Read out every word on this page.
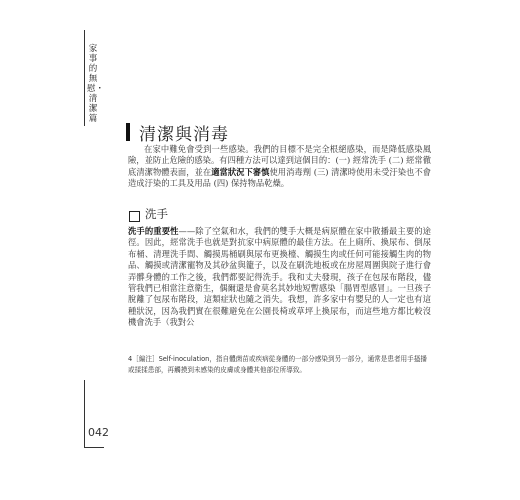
家事的無慰・清潔篇
清潔與消毒
在家中難免會受到一些感染。我們的目標不是完全根絕感染，而是降低感染風險，並防止危險的感染。有四種方法可以達到這個目的：(一) 經常洗手 (二) 經常徹底清潔物體表面，並在適當狀況下審慎使用消毒劑 (三) 清潔時使用未受汙染也不會造成汙染的工具及用品 (四) 保持物品乾燥。
洗手
洗手的重要性——除了空氣和水，我們的雙手大概是病原體在家中散播最主要的途徑。因此，經常洗手也就是對抗家中病原體的最佳方法。在上廁所、換尿布、倒尿布桶、清理洗手間、觸摸馬桶刷與尿布更換檯、觸摸生肉或任何可能接觸生肉的物品、觸摸或清潔寵物及其砂盆與籠子，以及在刷洗地板或在房屋周圍與院子進行會弄髒身體的工作之後，我們都要記得洗手。我和丈夫發現，孩子在包尿布階段，儘管我們已相當注意衛生，偶爾還是會莫名其妙地短暫感染「腸胃型感冒」。一旦孩子脫離了包尿布階段，這類症狀也隨之消失。我想，許多家中有嬰兒的人一定也有這種狀況，因為我們實在很難避免在公園長椅或草坪上換尿布，而這些地方都比較沒機會洗手（我對公
4［編注］Self-inoculation，指自體菌苗或疾病從身體的一部分感染到另一部分，通常是患者用手搔播或揉揉患部，再觸摸到未感染的皮膚或身體其他部位所導致。
042
